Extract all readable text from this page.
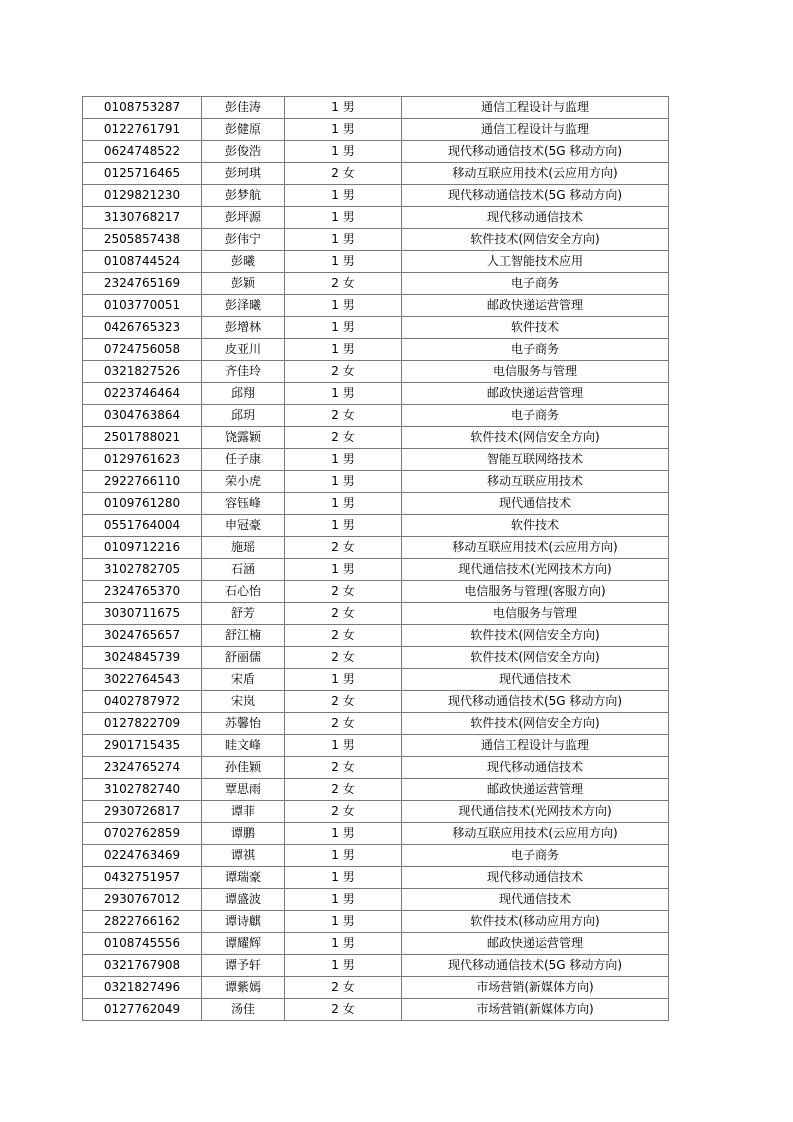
0108753287	彭佳涛	1 男	通信工程设计与监理
0122761791	彭健原	1 男	通信工程设计与监理
0624748522	彭俊浩	1 男	现代移动通信技术(5G 移动方向)
0125716465	彭珂琪	2 女	移动互联应用技术(云应用方向)
0129821230	彭梦航	1 男	现代移动通信技术(5G 移动方向)
3130768217	彭坪源	1 男	现代移动通信技术
2505857438	彭伟宁	1 男	软件技术(网信安全方向)
0108744524	彭曦	1 男	人工智能技术应用
2324765169	彭颖	2 女	电子商务
0103770051	彭泽曦	1 男	邮政快递运营管理
0426765323	彭增林	1 男	软件技术
0724756058	皮亚川	1 男	电子商务
0321827526	齐佳玲	2 女	电信服务与管理
0223746464	邱翔	1 男	邮政快递运营管理
0304763864	邱玥	2 女	电子商务
2501788021	饶露颖	2 女	软件技术(网信安全方向)
0129761623	任子康	1 男	智能互联网络技术
2922766110	荣小虎	1 男	移动互联应用技术
0109761280	容钰峰	1 男	现代通信技术
0551764004	申冠豪	1 男	软件技术
0109712216	施瑶	2 女	移动互联应用技术(云应用方向)
3102782705	石涵	1 男	现代通信技术(光网技术方向)
2324765370	石心怡	2 女	电信服务与管理(客服方向)
3030711675	舒芳	2 女	电信服务与管理
3024765657	舒江楠	2 女	软件技术(网信安全方向)
3024845739	舒丽儒	2 女	软件技术(网信安全方向)
3022764543	宋盾	1 男	现代通信技术
0402787972	宋岚	2 女	现代移动通信技术(5G 移动方向)
0127822709	苏馨怡	2 女	软件技术(网信安全方向)
2901715435	眭文峰	1 男	通信工程设计与监理
2324765274	孙佳颖	2 女	现代移动通信技术
3102782740	覃思雨	2 女	邮政快递运营管理
2930726817	谭菲	2 女	现代通信技术(光网技术方向)
0702762859	谭鹏	1 男	移动互联应用技术(云应用方向)
0224763469	谭祺	1 男	电子商务
0432751957	谭瑞豪	1 男	现代移动通信技术
2930767012	谭盛波	1 男	现代通信技术
2822766162	谭诗麒	1 男	软件技术(移动应用方向)
0108745556	谭耀辉	1 男	邮政快递运营管理
0321767908	谭予轩	1 男	现代移动通信技术(5G 移动方向)
0321827496	谭紫嫣	2 女	市场营销(新媒体方向)
0127762049	汤佳	2 女	市场营销(新媒体方向)
